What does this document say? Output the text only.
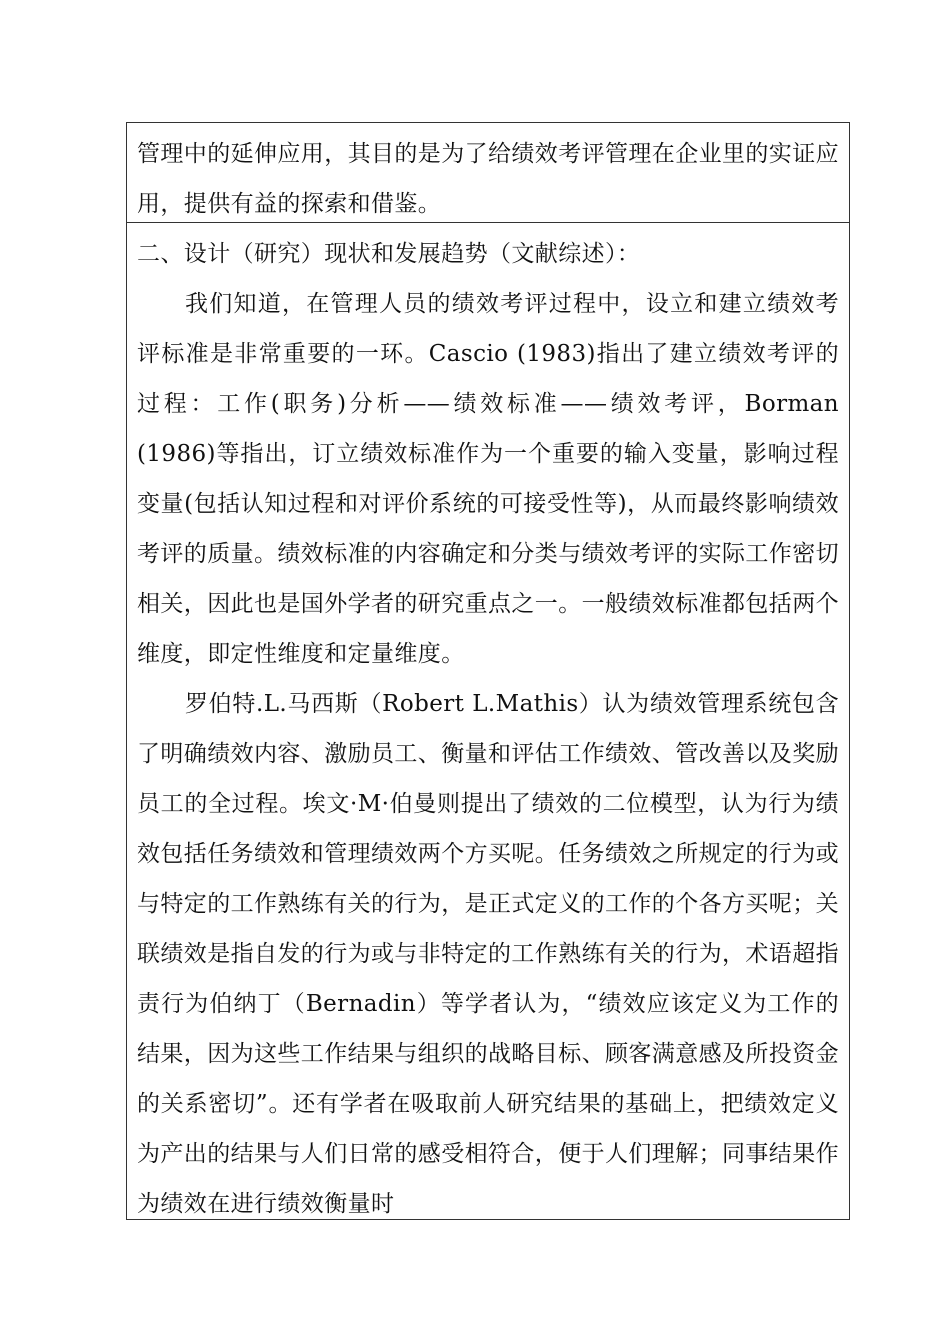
管理中的延伸应用，其目的是为了给绩效考评管理在企业里的实证应用，提供有益的探索和借鉴。

二、设计（研究）现状和发展趋势（文献综述）：

我们知道，在管理人员的绩效考评过程中，设立和建立绩效考评标准是非常重要的一环。Cascio (1983)指出了建立绩效考评的过程：工作(职务)分析——绩效标准——绩效考评，Borman (1986)等指出，订立绩效标准作为一个重要的输入变量，影响过程变量(包括认知过程和对评价系统的可接受性等)，从而最终影响绩效考评的质量。绩效标准的内容确定和分类与绩效考评的实际工作密切相关，因此也是国外学者的研究重点之一。一般绩效标准都包括两个维度，即定性维度和定量维度。

罗伯特.L.马西斯（Robert L.Mathis）认为绩效管理系统包含了明确绩效内容、激励员工、衡量和评估工作绩效、管改善以及奖励员工的全过程。埃文·M·伯曼则提出了绩效的二位模型，认为行为绩效包括任务绩效和管理绩效两个方买呢。任务绩效之所规定的行为或与特定的工作熟练有关的行为，是正式定义的工作的个各方买呢；关联绩效是指自发的行为或与非特定的工作熟练有关的行为，术语超指责行为伯纳丁（Bernadin）等学者认为，“绩效应该定义为工作的结果，因为这些工作结果与组织的战略目标、顾客满意感及所投资金的关系密切”。还有学者在吸取前人研究结果的基础上，把绩效定义为产出的结果与人们日常的感受相符合，便于人们理解；同事结果作为绩效在进行绩效衡量时
